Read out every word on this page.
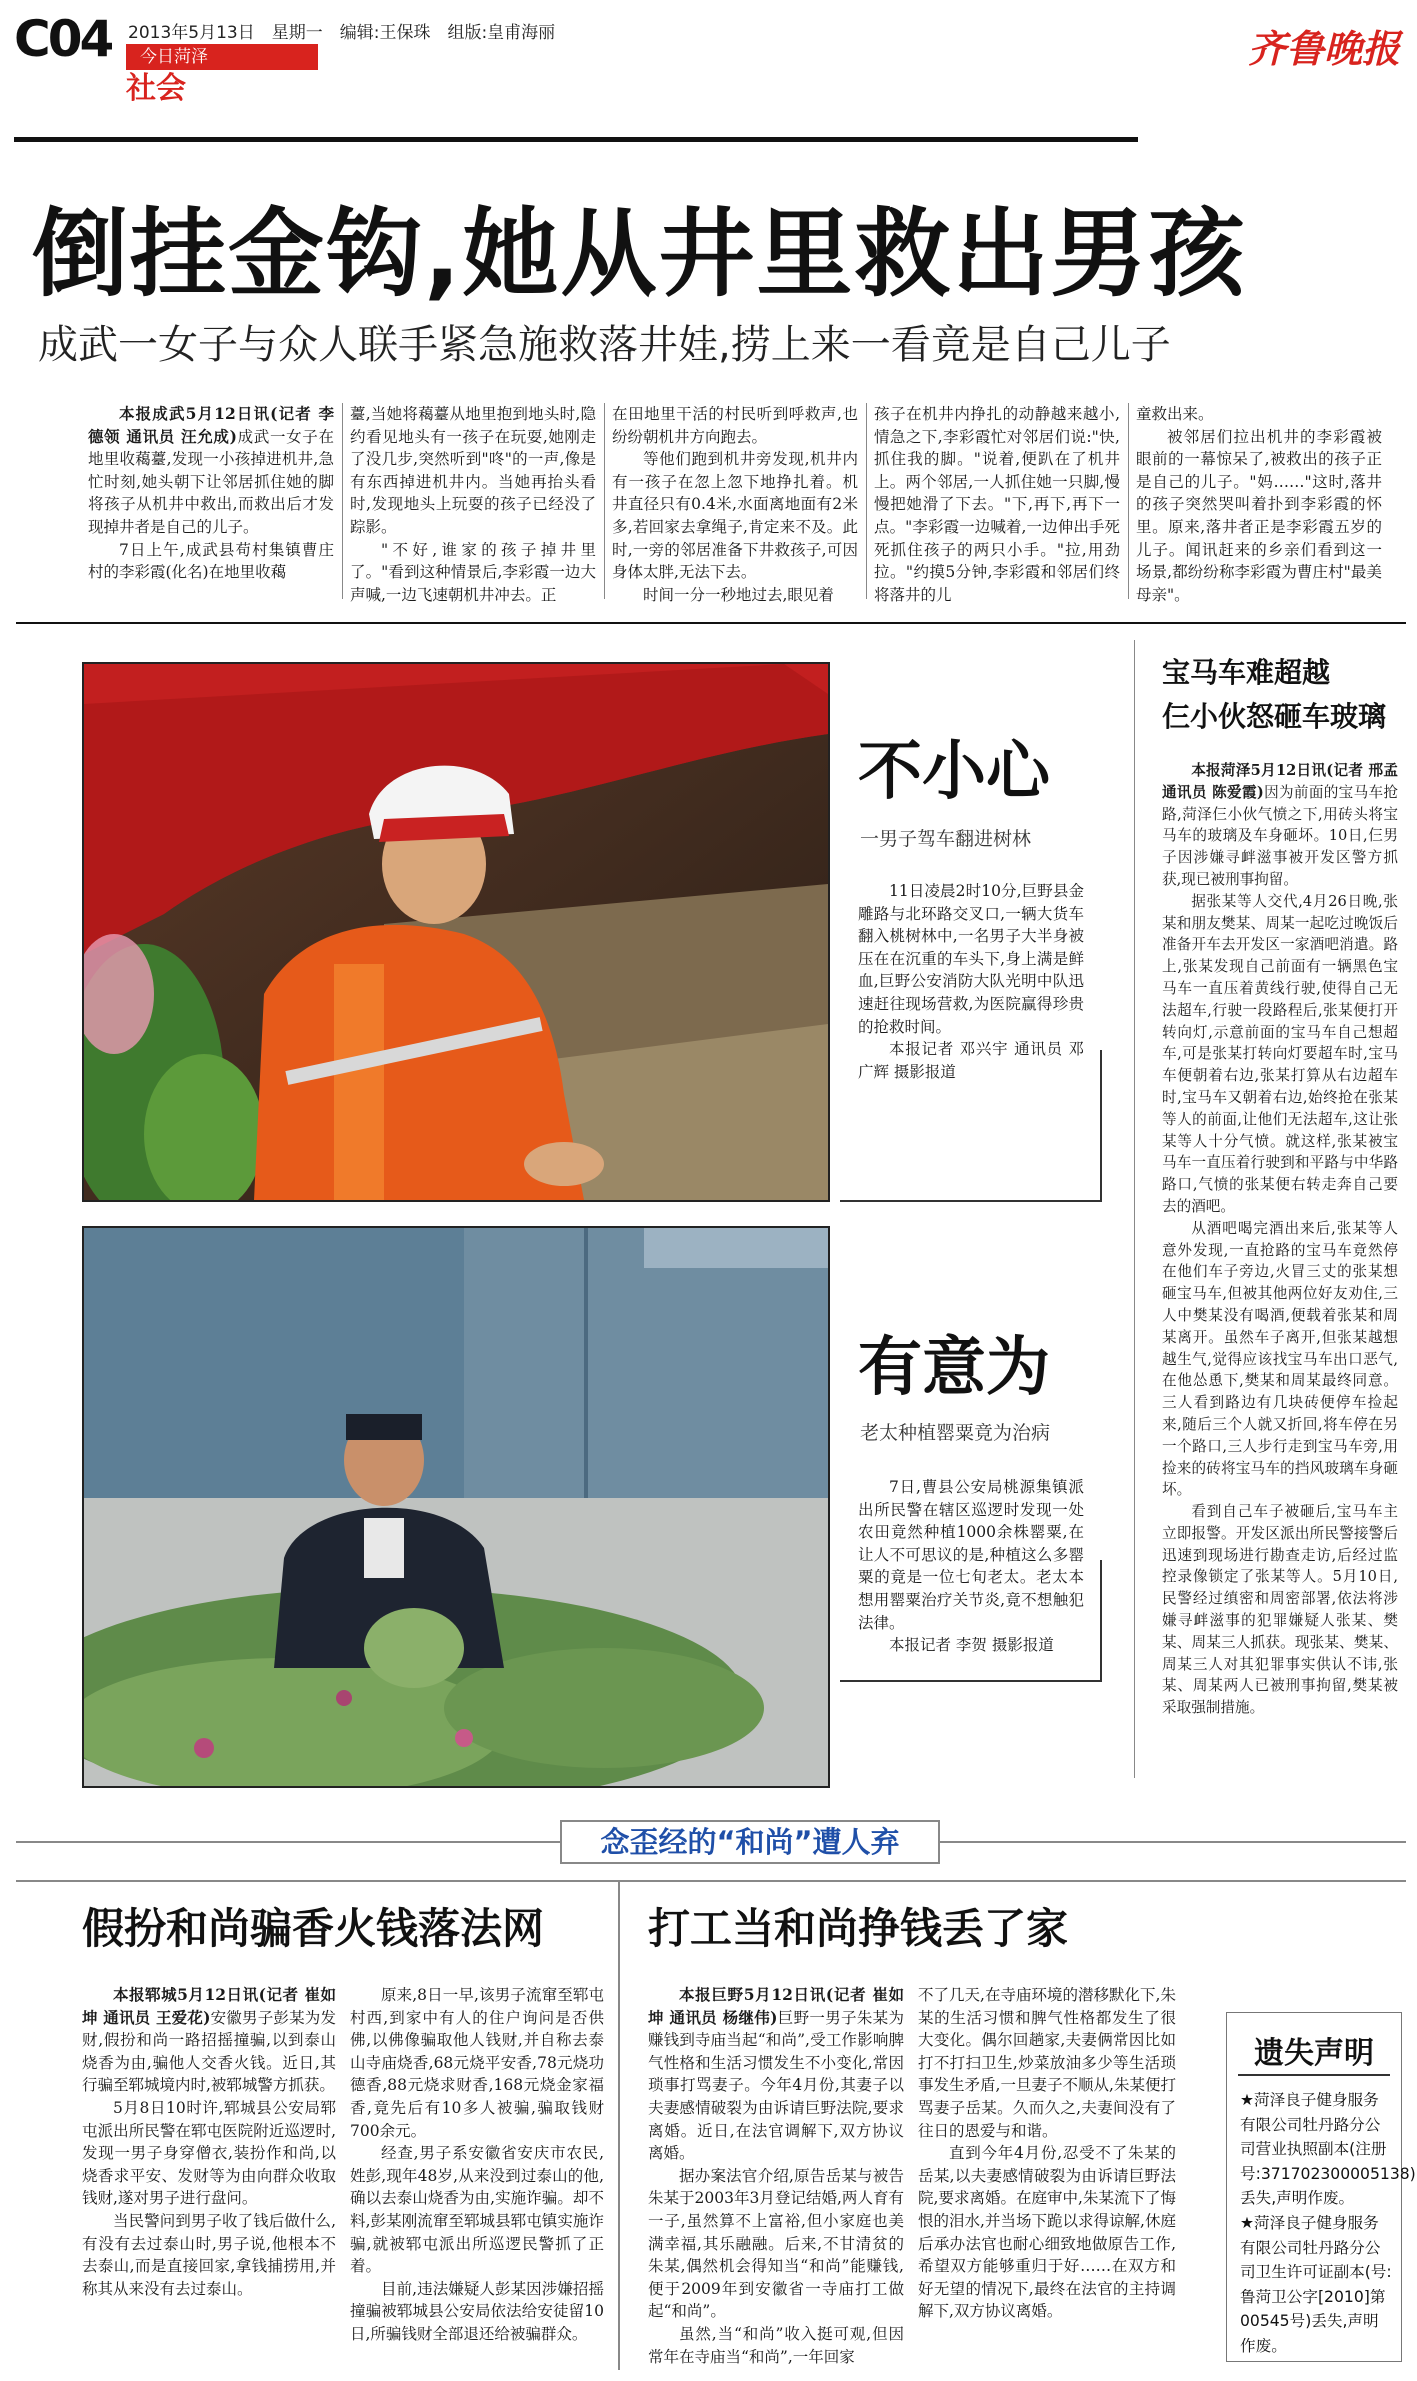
C04 2013年5月13日　星期一　编辑:王保珠　组版:皇甫海丽
今日菏泽
社会
齐鲁晚报
倒挂金钩,她从井里救出男孩
成武一女子与众人联手紧急施救落井娃,捞上来一看竟是自己儿子

本报成武5月12日讯(记者 李德领 通讯员 汪允成)成武一女子在地里收藒薹,发现一小孩掉进机井,急忙时刻,她头朝下让邻居抓住她的脚将孩子从机井中救出,而救出后才发现掉井者是自己的儿子。

7日上午,成武县苟村集镇曹庄村的李彩霞(化名)在地里收藒

薹,当她将藒薹从地里抱到地头时,隐约看见地头有一孩子在玩耍,她刚走了没几步,突然听到"咚"的一声,像是有东西掉进机井内。当她再抬头看时,发现地头上玩耍的孩子已经没了踪影。

"不好,谁家的孩子掉井里了。"看到这种情景后,李彩霞一边大声喊,一边飞速朝机井冲去。正

在田地里干活的村民听到呼救声,也纷纷朝机井方向跑去。

等他们跑到机井旁发现,机井内有一孩子在忽上忽下地挣扎着。机井直径只有0.4米,水面离地面有2米多,若回家去拿绳子,肯定来不及。此时,一旁的邻居准备下井救孩子,可因身体太胖,无法下去。

时间一分一秒地过去,眼见着

孩子在机井内挣扎的动静越来越小,情急之下,李彩霞忙对邻居们说:"快,抓住我的脚。"说着,便趴在了机井上。两个邻居,一人抓住她一只脚,慢慢把她滑了下去。"下,再下,再下一点。"李彩霞一边喊着,一边伸出手死死抓住孩子的两只小手。"拉,用劲拉。"约摸5分钟,李彩霞和邻居们终将落井的儿

童救出来。

被邻居们拉出机井的李彩霞被眼前的一幕惊呆了,被救出的孩子正是自己的儿子。"妈……"这时,落井的孩子突然哭叫着扑到李彩霞的怀里。原来,落井者正是李彩霞五岁的儿子。闻讯赶来的乡亲们看到这一场景,都纷纷称李彩霞为曹庄村"最美母亲"。

不小心
一男子驾车翻进树林

11日凌晨2时10分,巨野县金雕路与北环路交叉口,一辆大货车翻入桃树林中,一名男子大半身被压在在沉重的车头下,身上满是鲜血,巨野公安消防大队光明中队迅速赶往现场营救,为医院赢得珍贵的抢救时间。

本报记者 邓兴宇 通讯员 邓广辉 摄影报道

有意为
老太种植罂粟竟为治病

7日,曹县公安局桃源集镇派出所民警在辖区巡逻时发现一处农田竟然种植1000余株罂粟,在让人不可思议的是,种植这么多罂粟的竟是一位七旬老太。老太本想用罂粟治疗关节炎,竟不想触犯法律。

本报记者 李贺 摄影报道

宝马车难超越
仨小伙怒砸车玻璃

本报菏泽5月12日讯(记者 邢孟 通讯员 陈爱霞)因为前面的宝马车抢路,菏泽仨小伙气愤之下,用砖头将宝马车的玻璃及车身砸坏。10日,仨男子因涉嫌寻衅滋事被开发区警方抓获,现已被刑事拘留。

据张某等人交代,4月26日晚,张某和朋友樊某、周某一起吃过晚饭后准备开车去开发区一家酒吧消遣。路上,张某发现自己前面有一辆黑色宝马车一直压着黄线行驶,使得自己无法超车,行驶一段路程后,张某便打开转向灯,示意前面的宝马车自己想超车,可是张某打转向灯要超车时,宝马车便朝着右边,张某打算从右边超车时,宝马车又朝着右边,始终抢在张某等人的前面,让他们无法超车,这让张某等人十分气愤。就这样,张某被宝马车一直压着行驶到和平路与中华路路口,气愤的张某便右转走奔自己要去的酒吧。

从酒吧喝完酒出来后,张某等人意外发现,一直抢路的宝马车竟然停在他们车子旁边,火冒三丈的张某想砸宝马车,但被其他两位好友劝住,三人中樊某没有喝酒,便载着张某和周某离开。虽然车子离开,但张某越想越生气,觉得应该找宝马车出口恶气,在他怂恿下,樊某和周某最终同意。三人看到路边有几块砖便停车捡起来,随后三个人就又折回,将车停在另一个路口,三人步行走到宝马车旁,用捡来的砖将宝马车的挡风玻璃车身砸坏。

看到自己车子被砸后,宝马车主立即报警。开发区派出所民警接警后迅速到现场进行勘查走访,后经过监控录像锁定了张某等人。5月10日,民警经过缜密和周密部署,依法将涉嫌寻衅滋事的犯罪嫌疑人张某、樊某、周某三人抓获。现张某、樊某、周某三人对其犯罪事实供认不讳,张某、周某两人已被刑事拘留,樊某被采取强制措施。

念歪经的“和尚”遭人弃
假扮和尚骗香火钱落法网 打工当和尚挣钱丢了家

本报郓城5月12日讯(记者 崔如坤 通讯员 王爱花)安徽男子彭某为发财,假扮和尚一路招摇撞骗,以到泰山烧香为由,骗他人交香火钱。近日,其行骗至郓城境内时,被郓城警方抓获。

5月8日10时许,郓城县公安局郓屯派出所民警在郓屯医院附近巡逻时,发现一男子身穿僧衣,装扮作和尚,以烧香求平安、发财等为由向群众收取钱财,遂对男子进行盘问。

当民警问到男子收了钱后做什么,有没有去过泰山时,男子说,他根本不去泰山,而是直接回家,拿钱捕捞用,并称其从来没有去过泰山。

原来,8日一早,该男子流窜至郓屯村西,到家中有人的住户询问是否供佛,以佛像骗取他人钱财,并自称去泰山寺庙烧香,68元烧平安香,78元烧功德香,88元烧求财香,168元烧金家福香,竟先后有10多人被骗,骗取钱财700余元。

经查,男子系安徽省安庆市农民,姓彭,现年48岁,从来没到过泰山的他,确以去泰山烧香为由,实施诈骗。却不料,彭某刚流窜至郓城县郓屯镇实施诈骗,就被郓屯派出所巡逻民警抓了正着。

目前,违法嫌疑人彭某因涉嫌招摇撞骗被郓城县公安局依法给安徒留10日,所骗钱财全部退还给被骗群众。

本报巨野5月12日讯(记者 崔如坤 通讯员 杨继伟)巨野一男子朱某为赚钱到寺庙当起“和尚”,受工作影响脾气性格和生活习惯发生不小变化,常因琐事打骂妻子。今年4月份,其妻子以夫妻感情破裂为由诉请巨野法院,要求离婚。近日,在法官调解下,双方协议离婚。

据办案法官介绍,原告岳某与被告朱某于2003年3月登记结婚,两人育有一子,虽然算不上富裕,但小家庭也美满幸福,其乐融融。后来,不甘清贫的朱某,偶然机会得知当“和尚”能赚钱,便于2009年到安徽省一寺庙打工做起“和尚”。

虽然,当“和尚”收入挺可观,但因常年在寺庙当“和尚”,一年回家

不了几天,在寺庙环境的潜移默化下,朱某的生活习惯和脾气性格都发生了很大变化。偶尔回趟家,夫妻俩常因比如打不打扫卫生,炒菜放油多少等生活琐事发生矛盾,一旦妻子不顺从,朱某便打骂妻子岳某。久而久之,夫妻间没有了往日的恩爱与和谐。

直到今年4月份,忍受不了朱某的岳某,以夫妻感情破裂为由诉请巨野法院,要求离婚。在庭审中,朱某流下了悔恨的泪水,并当场下跪以求得谅解,休庭后承办法官也耐心细致地做原告工作,希望双方能够重归于好……在双方和好无望的情况下,最终在法官的主持调解下,双方协议离婚。

遗失声明

★菏泽良子健身服务有限公司牡丹路分公司营业执照副本(注册号:371702300005138)丢失,声明作废。

★菏泽良子健身服务有限公司牡丹路分公司卫生许可证副本(号:鲁菏卫公字[2010]第00545号)丢失,声明作废。
